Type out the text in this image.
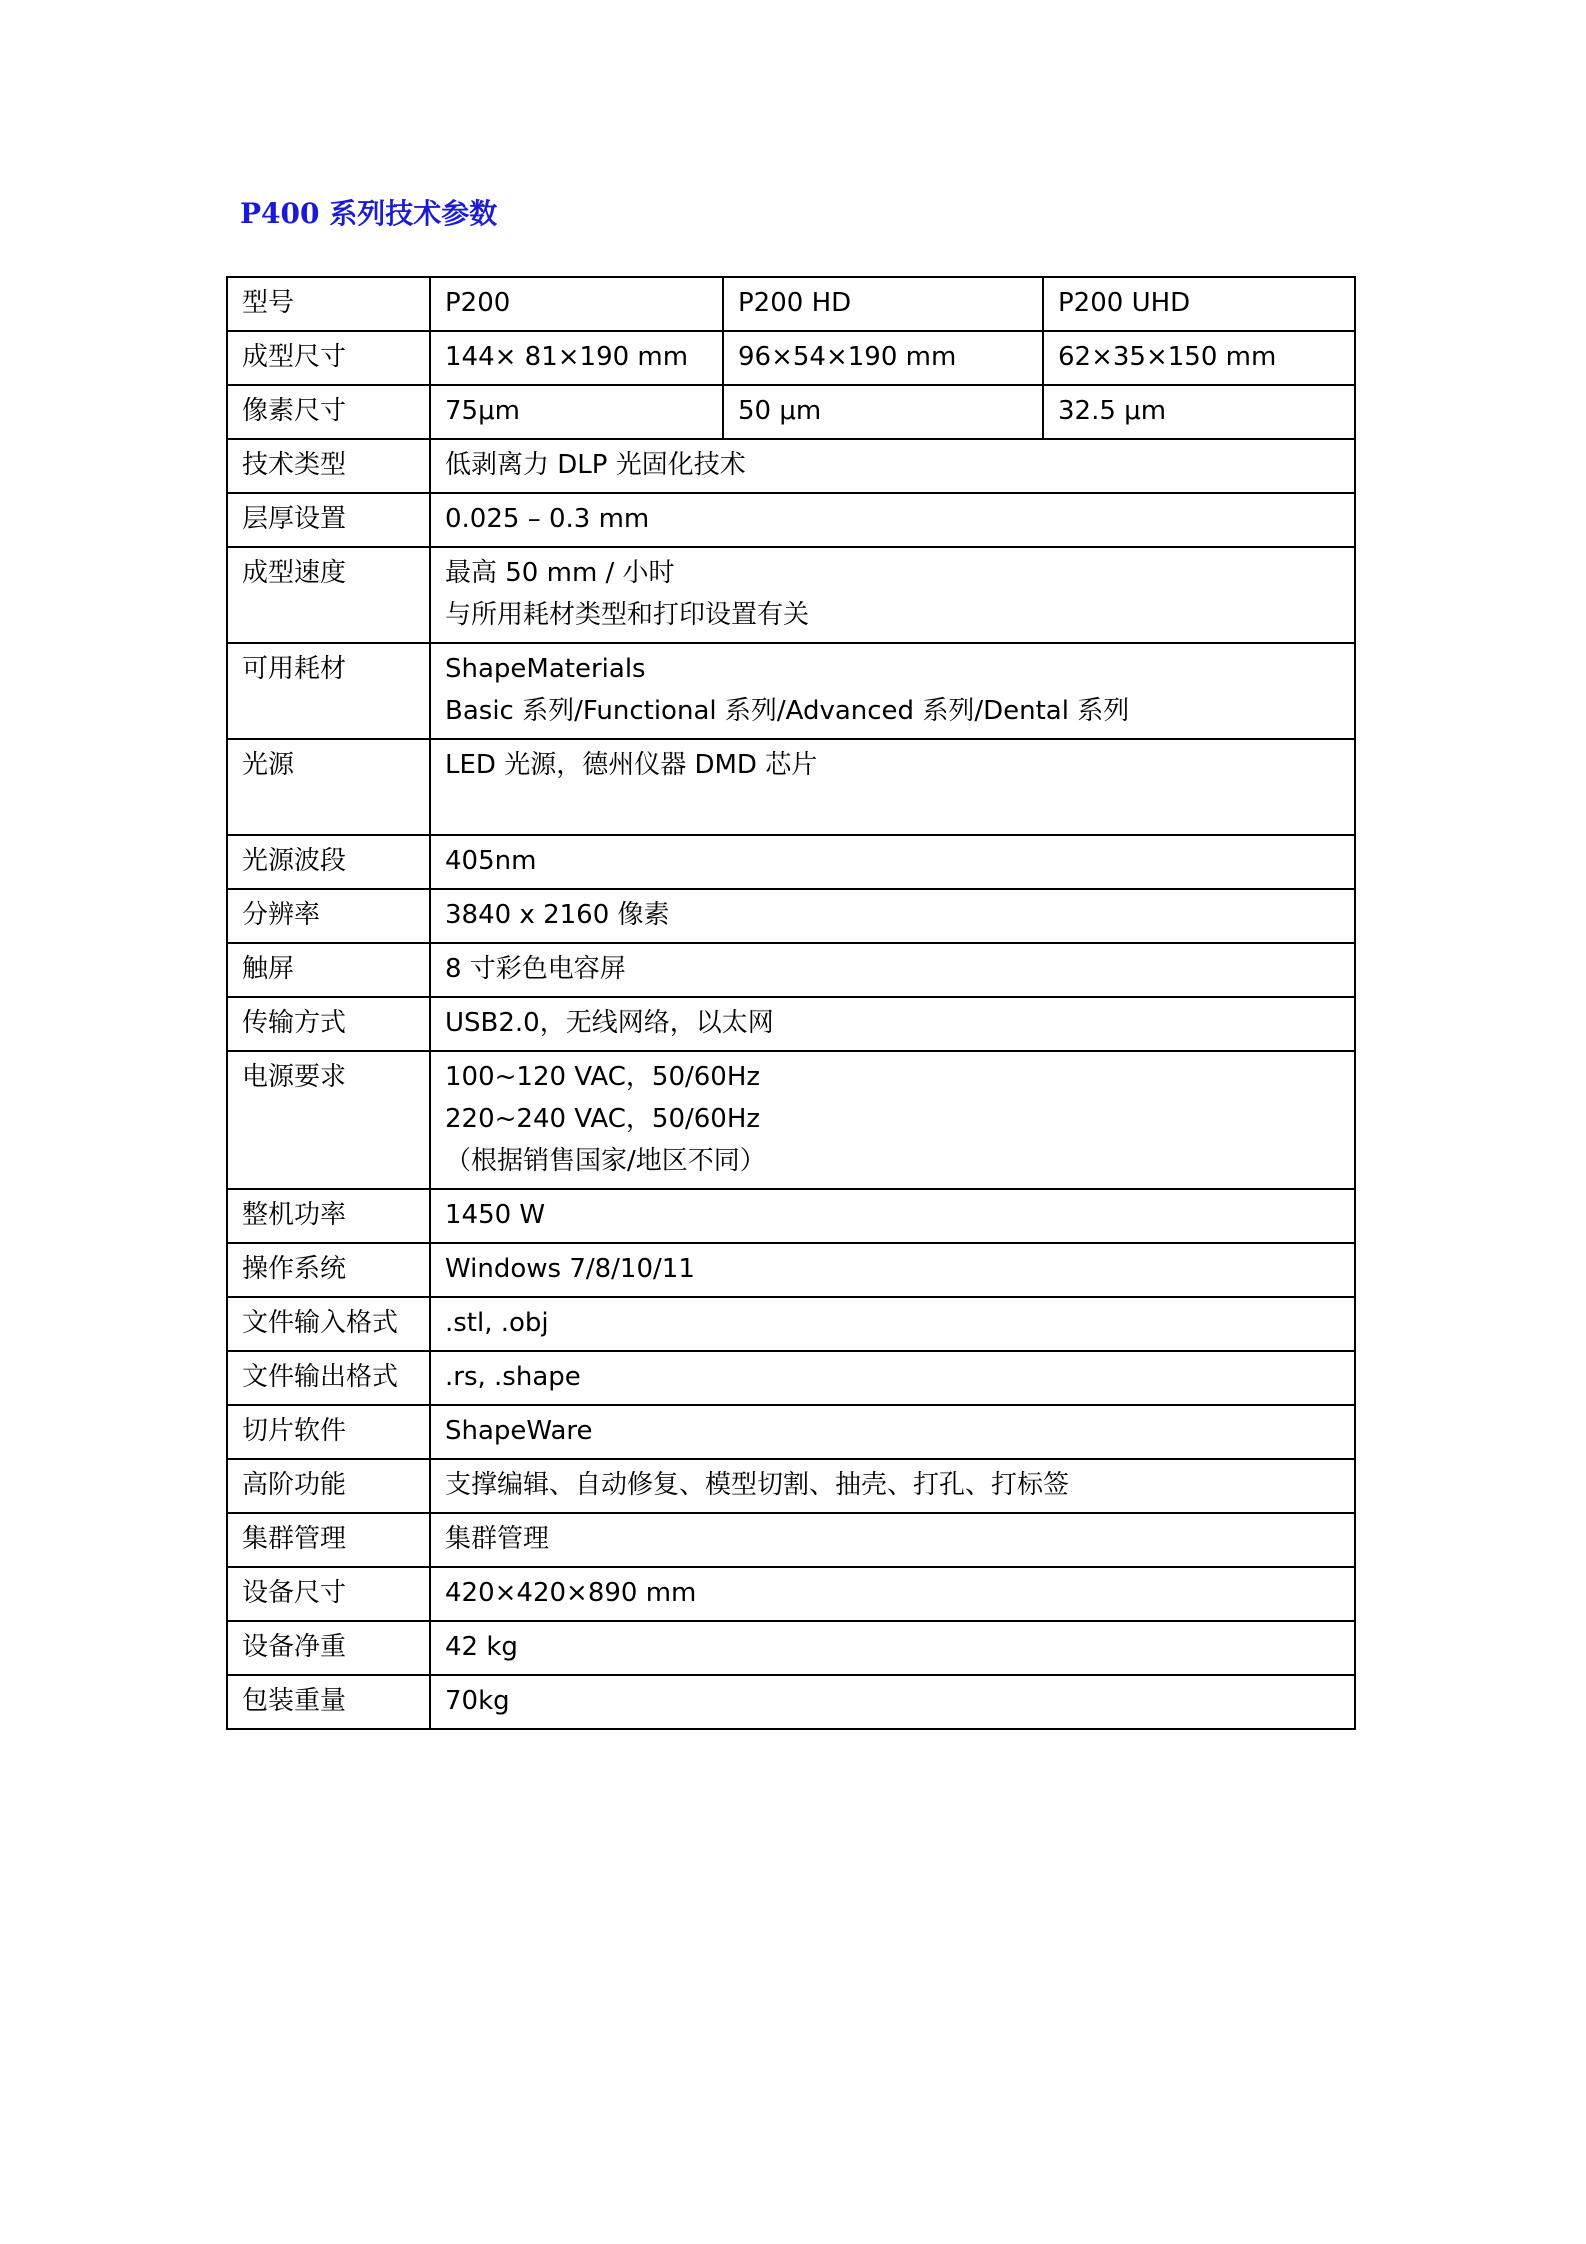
P400 系列技术参数
型号	P200	P200 HD	P200 UHD
成型尺寸	144× 81×190 mm	96×54×190 mm	62×35×150 mm
像素尺寸	75μm	50 μm	32.5 μm
技术类型	低剥离力 DLP 光固化技术		

层厚设置	0.025 – 0.3 mm		

成型速度	最高 50 mm / 小时
与所用耗材类型和打印设置有关		

可用耗材	ShapeMaterials
Basic 系列/Functional 系列/Advanced 系列/Dental 系列		

光源	LED 光源，德州仪器 DMD 芯片		

光源波段	405nm		

分辨率	3840 x 2160 像素		

触屏	8 寸彩色电容屏		

传输方式	USB2.0，无线网络，以太网		

电源要求	100~120 VAC，50/60Hz
220~240 VAC，50/60Hz
（根据销售国家/地区不同）		

整机功率	1450 W		

操作系统	Windows 7/8/10/11		

文件输入格式	.stl, .obj		

文件输出格式	.rs, .shape		

切片软件	ShapeWare		

高阶功能	支撑编辑、自动修复、模型切割、抽壳、打孔、打标签		

集群管理	集群管理		

设备尺寸	420×420×890 mm		

设备净重	42 kg		

包装重量	70kg		
